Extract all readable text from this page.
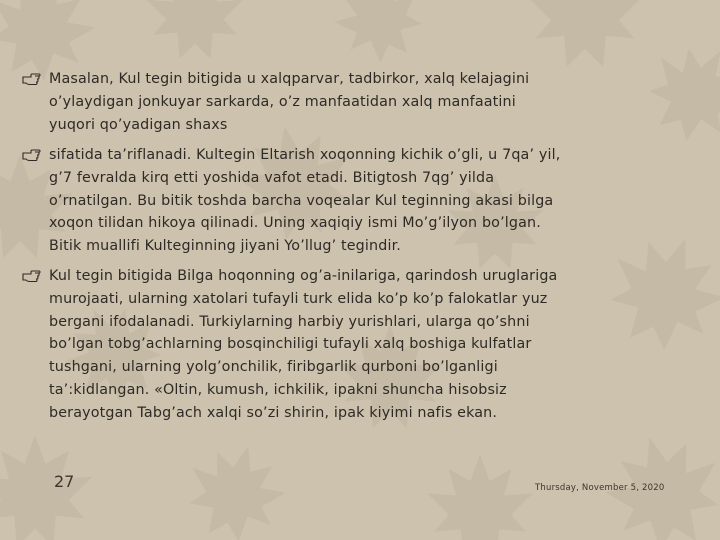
Masalan, Kul tegin bitigida u xalqparvar, tadbirkor, xalq kelajagini
o’ylaydigan jonkuyar sarkarda, o’z manfaatidan xalq manfaatini
yuqori qo’yadigan shaxs
sifatida ta’riflanadi. Kultegin Eltarish xoqonning kichik o’gli, u 7qa’ yil,
g’7 fevralda kirq etti yoshida vafot etadi. Bitigtosh 7qg’ yilda
o’rnatilgan. Bu bitik toshda barcha voqealar Kul teginning akasi bilga
xoqon tilidan hikoya qilinadi. Uning xaqiqiy ismi Mo’g’ilyon bo’lgan.
Bitik muallifi Kulteginning jiyani Yo’llug’ tegindir.
Kul tegin bitigida Bilga hoqonning og’a-inilariga, qarindosh uruglariga
murojaati, ularning xatolari tufayli turk elida ko’p ko’p falokatlar yuz
bergani ifodalanadi. Turkiylarning harbiy yurishlari, ularga qo’shni
bo’lgan tobg’achlarning bosqinchiligi tufayli xalq boshiga kulfatlar
tushgani, ularning yolg’onchilik, firibgarlik qurboni bo’lganligi
ta’:kidlangan. «Oltin, kumush, ichkilik, ipakni shuncha hisobsiz
berayotgan Tabg’ach xalqi so’zi shirin, ipak kiyimi nafis ekan.
27	Thursday, November 5, 2020
